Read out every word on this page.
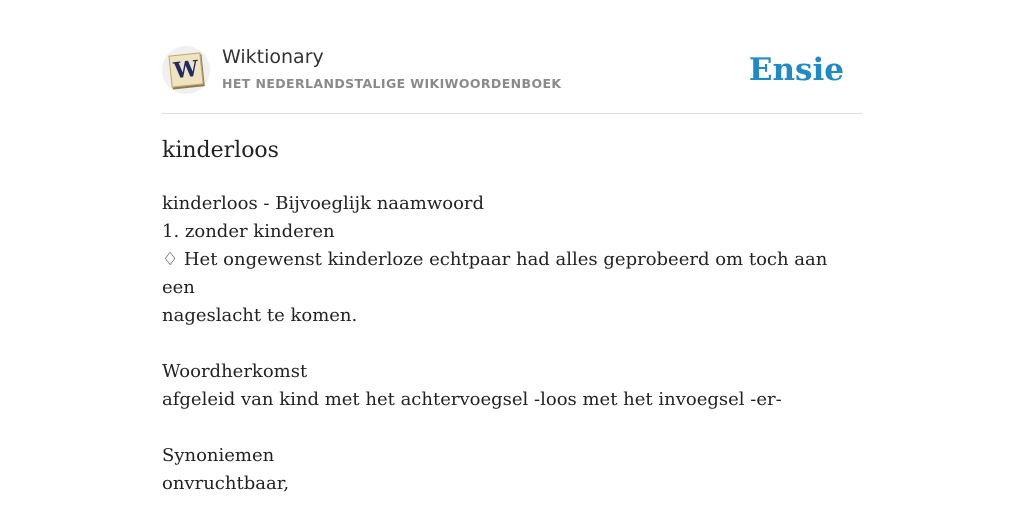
W Wiktionary
HET NEDERLANDSTALIGE WIKIWOORDENBOEK	Ensie
kinderloos
kinderloos - Bijvoeglijk naamwoord
1. zonder kinderen
♢ Het ongewenst kinderloze echtpaar had alles geprobeerd om toch aan een
nageslacht te komen.
Woordherkomst
afgeleid van kind met het achtervoegsel -loos met het invoegsel -er-
Synoniemen
onvruchtbaar,
